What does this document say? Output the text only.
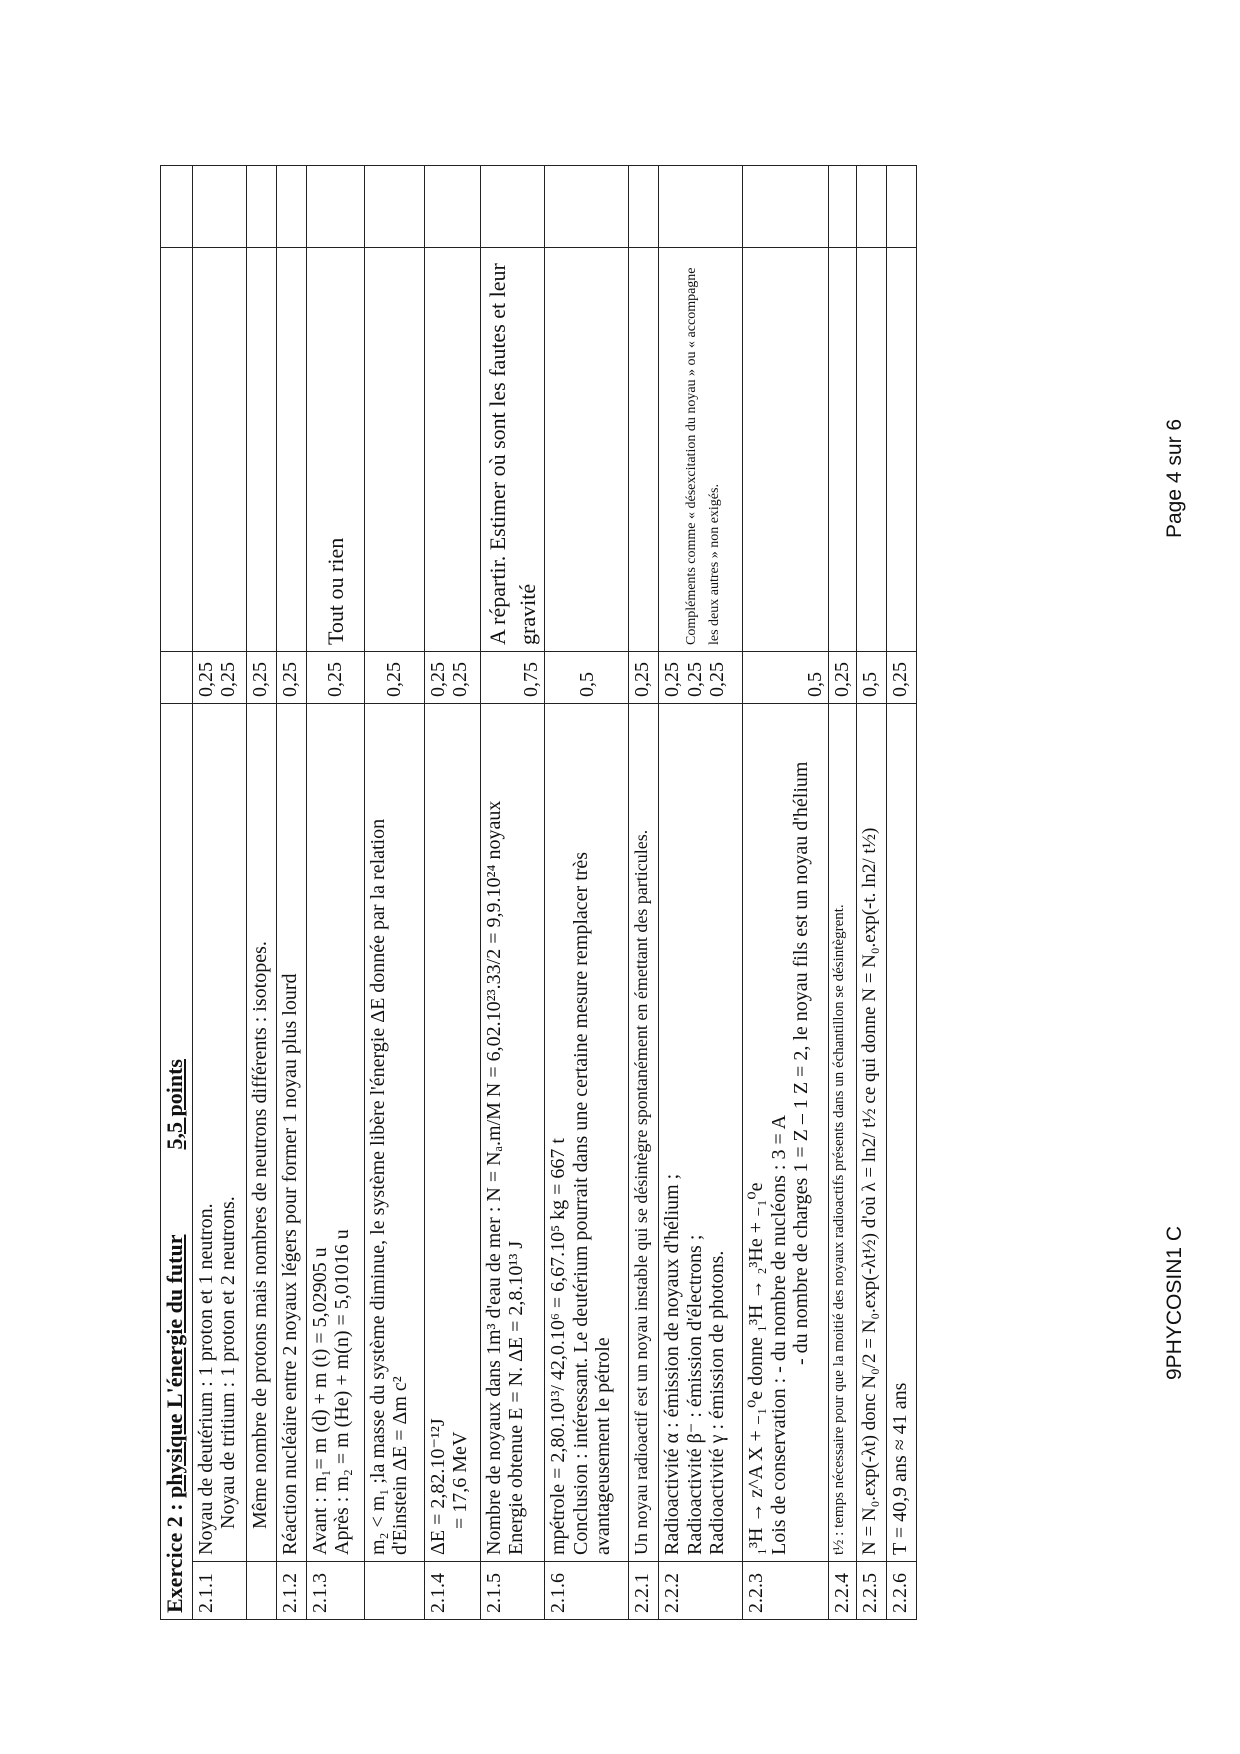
Exercice 2 : physique L'énergie du futur 5,5 points				
2.1.1	Noyau de deutérium : 1 proton et 1 neutron. Noyau de tritium : 1 proton et 2 neutrons.	0,25 0,25		

	Même nombre de protons mais nombres de neutrons différents : isotopes.	0,25		

2.1.2	Réaction nucléaire entre 2 noyaux légers pour former 1 noyau plus lourd	0,25		

2.1.3	Avant : m₁= m (d) + m (t) = 5,02905 u Après : m₂ = m (He) + m(n) = 5,01016 u	0,25	Tout ou rien	

	m₂ < m₁ ;la masse du système diminue, le système libère l'énergie ΔE donnée par la relation d'Einstein ΔE = Δm c²	0,25		

2.1.4	ΔE = 2,82.10⁻¹²J = 17,6 MeV	0,25 0,25		

2.1.5	Nombre de noyaux dans 1m³ d'eau de mer : N = Nₐ.m/M N = 6,02.10²³.33/2 = 9,9.10²⁴ noyaux Energie obtenue E = N. ΔE = 2,8.10¹³ J	0,75	A répartir. Estimer où sont les fautes et leur gravité	
2.1.6	mpétrole = 2,80.10¹³/ 42,0.10⁶ = 6,67.10⁵ kg = 667 t Conclusion : intéressant. Le deutérium pourrait dans une certaine mesure remplacer très avantageusement le pétrole	0,5		

2.2.1	Un noyau radioactif est un noyau instable qui se désintègre spontanément en émettant des particules.	0,25		

2.2.2	Radioactivité α : émission de noyaux d'hélium ; Radioactivité β⁻ : émission d'électrons ; Radioactivité γ : émission de photons.	0,25 0,25 0,25	Compléments comme « désexcitation du noyau » ou « accompagne les deux autres » non exigés.	
2.2.3	₁³H → z^A X + ₋₁⁰e donne ₁³H → ₂³He + ₋₁⁰e Lois de conservation : - du nombre de nucléons : 3 = A - du nombre de charges 1 = Z – 1 Z = 2, le noyau fils est un noyau d'hélium	0,5		

2.2.4	t½ : temps nécessaire pour que la moitié des noyaux radioactifs présents dans un échantillon se désintègrent.	0,25		

2.2.5	N = N₀.exp(-λt) donc N₀/2 = N₀.exp(-λt½) d'où λ = ln2/ t½ ce qui donne N = N₀.exp(-t. ln2/ t½)	0,5		

2.2.6	T = 40,9 ans ≈ 41 ans	0,25		

9PHYCOSIN1 C
Page 4 sur 6
